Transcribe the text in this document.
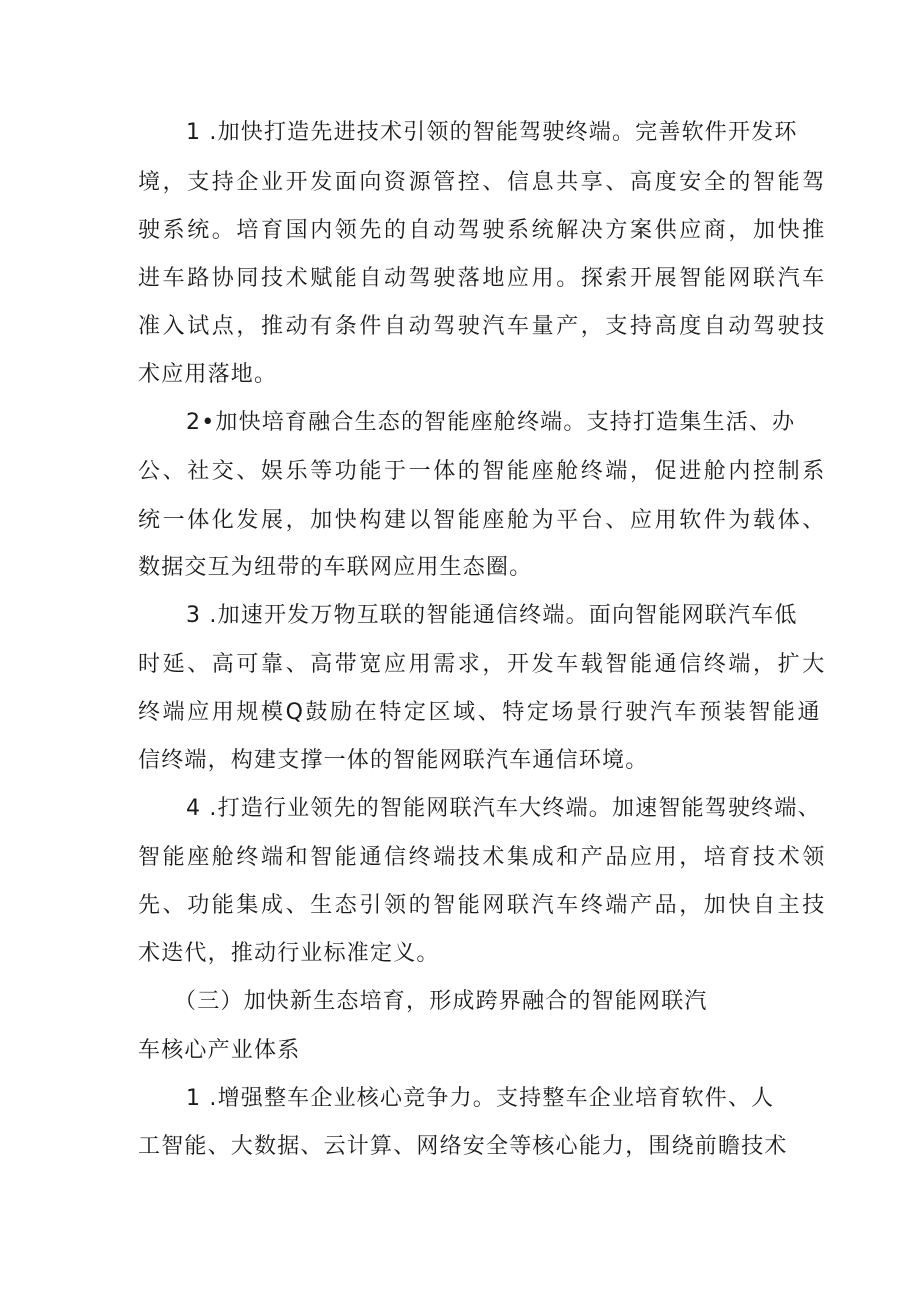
1 .加快打造先进技术引领的智能驾驶终端。完善软件开发环
境，支持企业开发面向资源管控、信息共享、高度安全的智能驾
驶系统。培育国内领先的自动驾驶系统解决方案供应商，加快推
进车路协同技术赋能自动驾驶落地应用。探索开展智能网联汽车
准入试点，推动有条件自动驾驶汽车量产，支持高度自动驾驶技
术应用落地。
2•加快培育融合生态的智能座舱终端。支持打造集生活、办
公、社交、娱乐等功能于一体的智能座舱终端，促进舱内控制系
统一体化发展，加快构建以智能座舱为平台、应用软件为载体、
数据交互为纽带的车联网应用生态圈。
3 .加速开发万物互联的智能通信终端。面向智能网联汽车低
时延、高可靠、高带宽应用需求，开发车载智能通信终端，扩大
终端应用规模Q鼓励在特定区域、特定场景行驶汽车预装智能通
信终端，构建支撑一体的智能网联汽车通信环境。
4 .打造行业领先的智能网联汽车大终端。加速智能驾驶终端、
智能座舱终端和智能通信终端技术集成和产品应用，培育技术领
先、功能集成、生态引领的智能网联汽车终端产品，加快自主技
术迭代，推动行业标准定义。
（三）加快新生态培育，形成跨界融合的智能网联汽
车核心产业体系
1 .增强整车企业核心竞争力。支持整车企业培育软件、人
工智能、大数据、云计算、网络安全等核心能力，围绕前瞻技术
